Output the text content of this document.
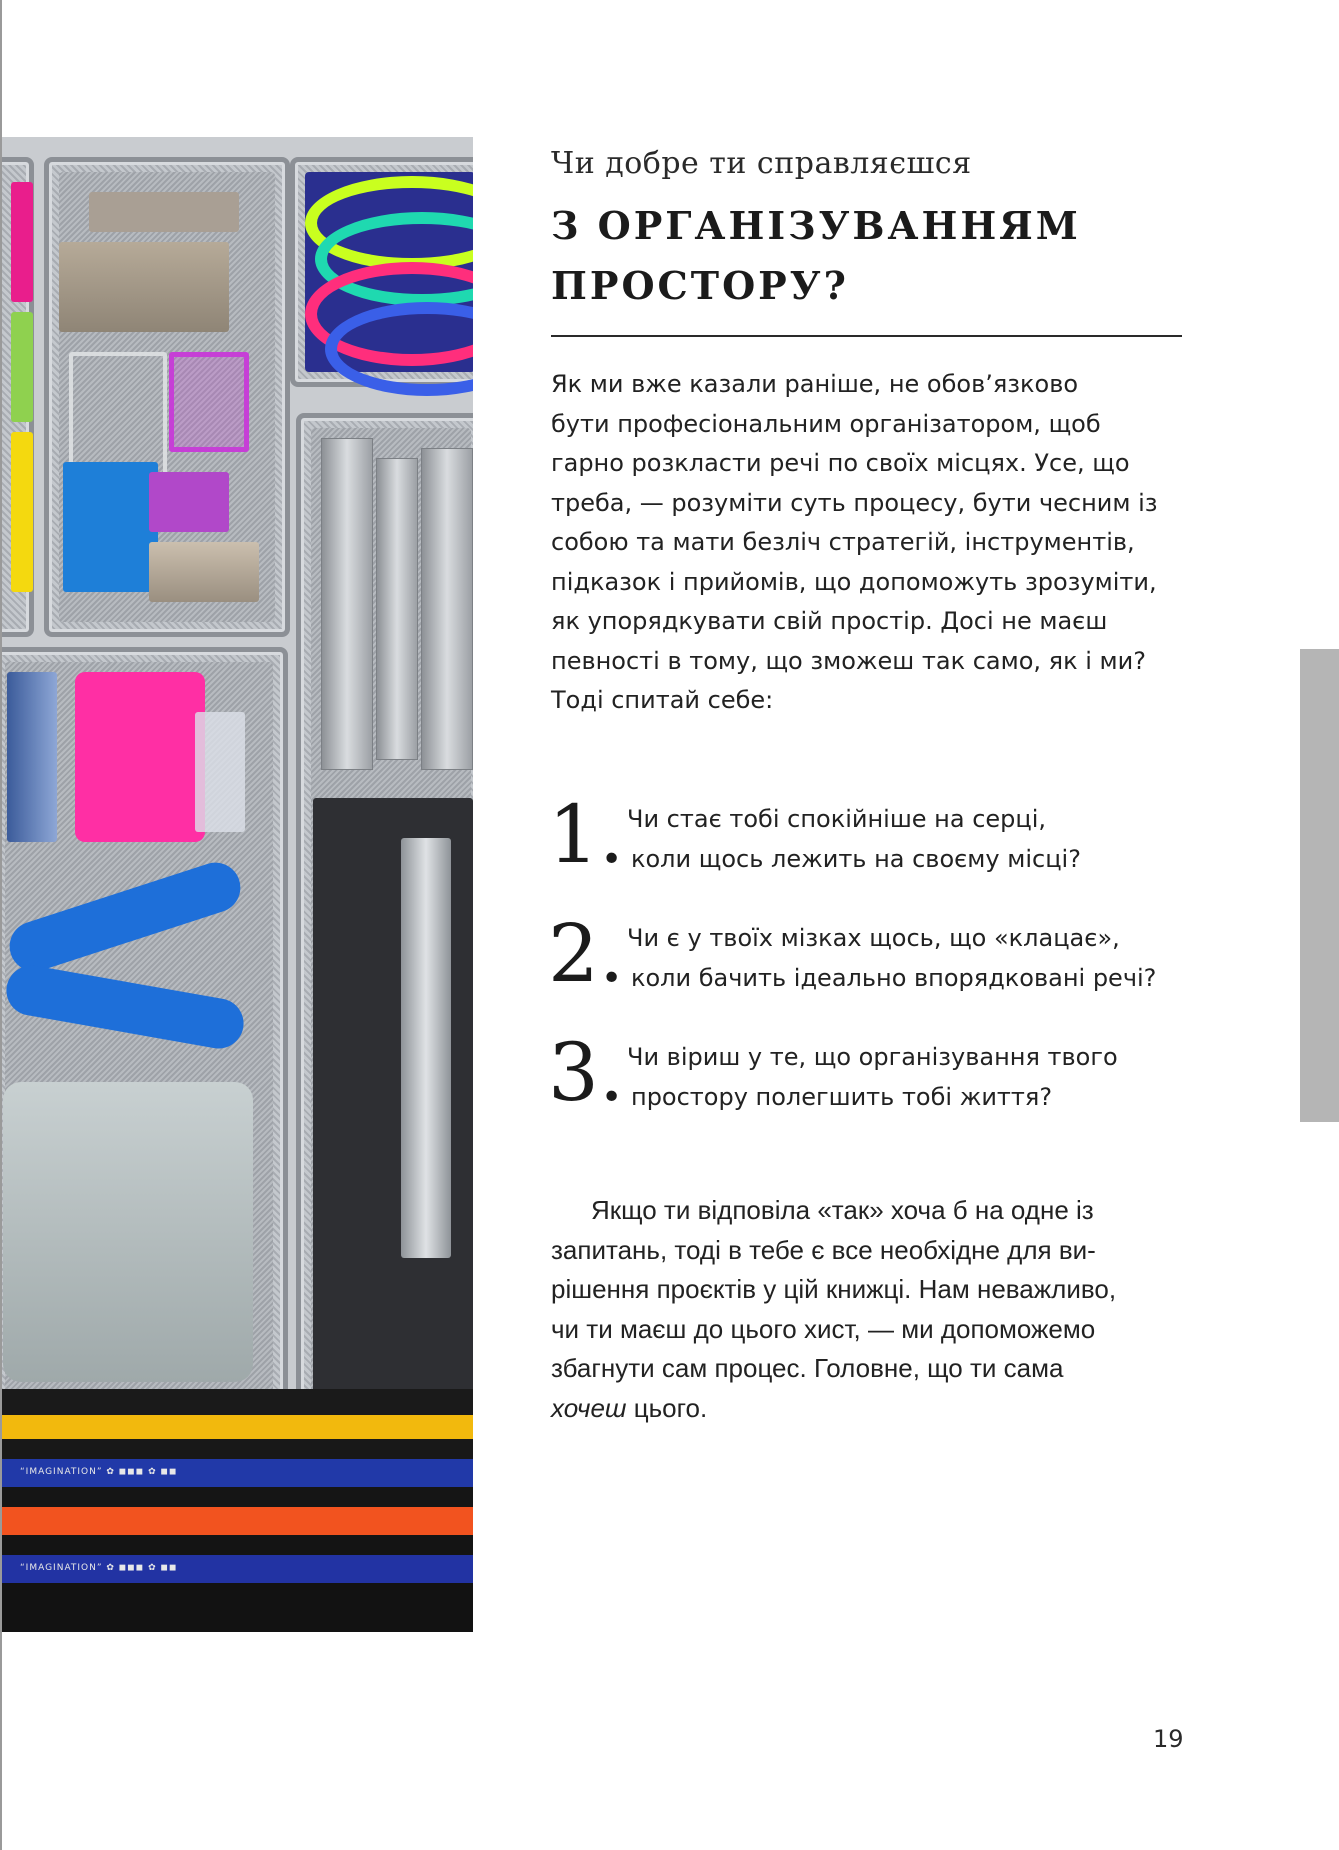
“IMAGINATION” ✿ ◼◼◼ ✿ ◼◼
“IMAGINATION” ✿ ◼◼◼ ✿ ◼◼

Чи добре ти справляєшся

З ОРГАНІЗУВАННЯМ
ПРОСТОРУ?

Як ми вже казали раніше, не обов’язково
бути професіональним організатором, щоб
гарно розкласти речі по своїх місцях. Усе, що
треба, — розуміти суть процесу, бути чесним із
собою та мати безліч стратегій, інструментів,
підказок і прийомів, що допоможуть зрозуміти,
як упорядкувати свій простір. Досі не маєш
певності в тому, що зможеш так само, як і ми?
Тоді спитай себе:

1. Чи стає тобі спокійніше на серці,
коли щось лежить на своєму місці?

2. Чи є у твоїх мізках щось, що «клацає»,
коли бачить ідеально впорядковані речі?

3. Чи віриш у те, що організування твого
простору полегшить тобі життя?

Якщо ти відповіла «так» хоча б на одне із
запитань, тоді в тебе є все необхідне для ви-
рішення проєктів у цій книжці. Нам неважливо,
чи ти маєш до цього хист, — ми допоможемо
збагнути сам процес. Головне, що ти сама
хочеш цього.

19
